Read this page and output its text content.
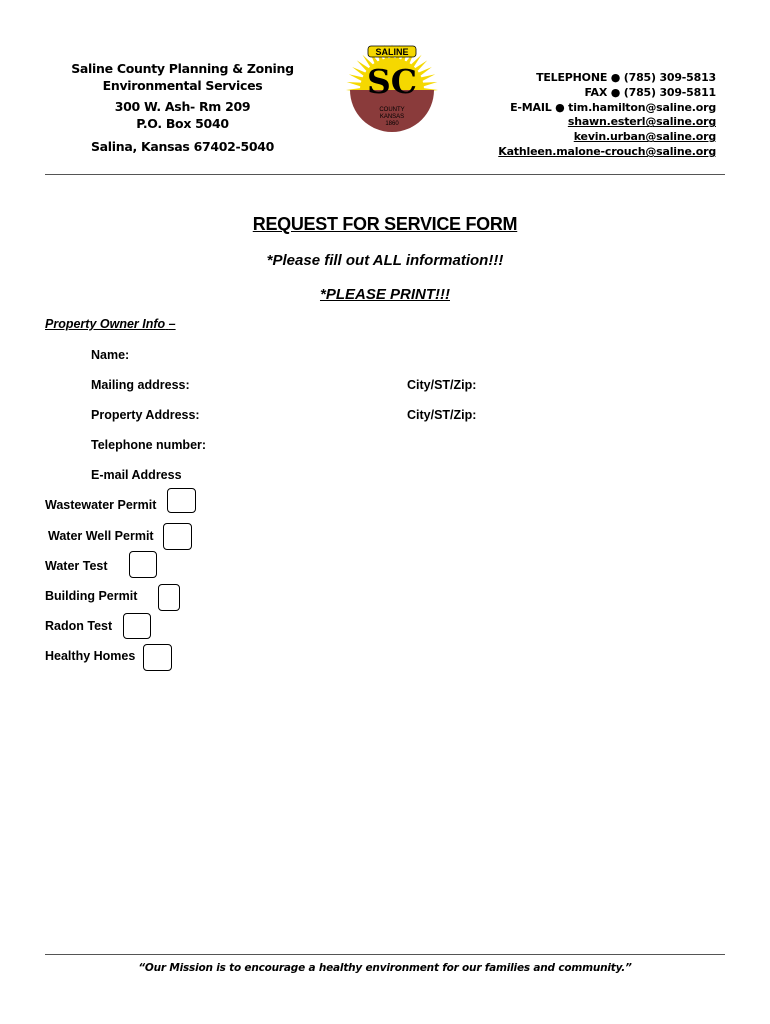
Saline County Planning & Zoning
Environmental Services
300 W. Ash- Rm 209
P.O. Box 5040
Salina, Kansas 67402-5040
SALINE
SC
COUNTY
KANSAS
1860
TELEPHONE ● (785) 309-5813
FAX ● (785) 309-5811
E-MAIL ● tim.hamilton@saline.org
shawn.esterl@saline.org
kevin.urban@saline.org
Kathleen.malone-crouch@saline.org
REQUEST FOR SERVICE FORM
*Please fill out ALL information!!!
*PLEASE PRINT!!!
Property Owner Info –
Name:
Mailing address:	City/ST/Zip:
Property Address:	City/ST/Zip:
Telephone number:
E-mail Address
Wastewater Permit
Water Well Permit
Water Test
Building Permit
Radon Test
Healthy Homes
“Our Mission is to encourage a healthy environment for our families and community.”
